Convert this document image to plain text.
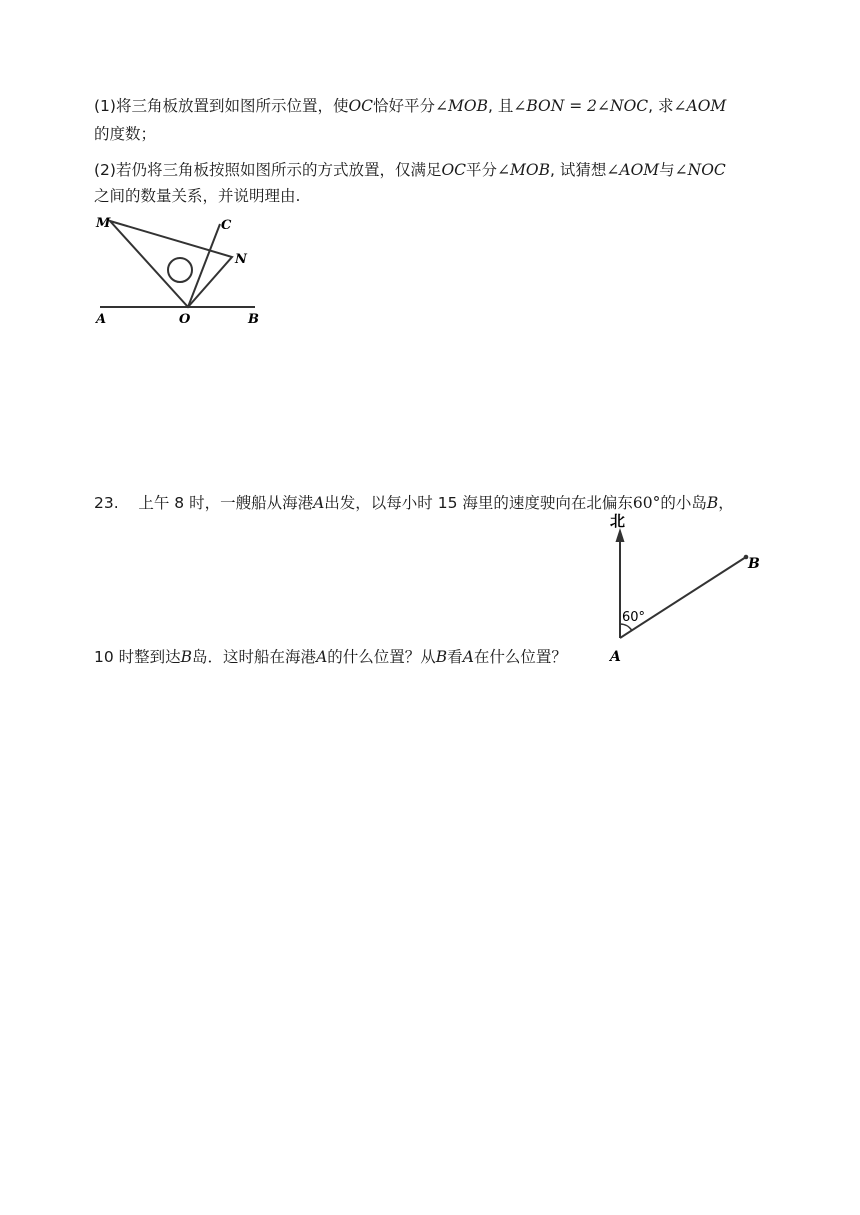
(1)将三角板放置到如图所示位置，使OC恰好平分∠MOB, 且∠BON = 2∠NOC, 求∠AOM
的度数；
(2)若仍将三角板按照如图所示的方式放置，仅满足OC平分∠MOB, 试猜想∠AOM与∠NOC
之间的数量关系，并说明理由.
M	C
N
A	O	B
23. 上午 8 时，一艘船从海港A出发，以每小时 15 海里的速度驶向在北偏东60°的小岛B，
北
60°
B
A
10 时整到达B岛．这时船在海港A的什么位置？从B看A在什么位置？
